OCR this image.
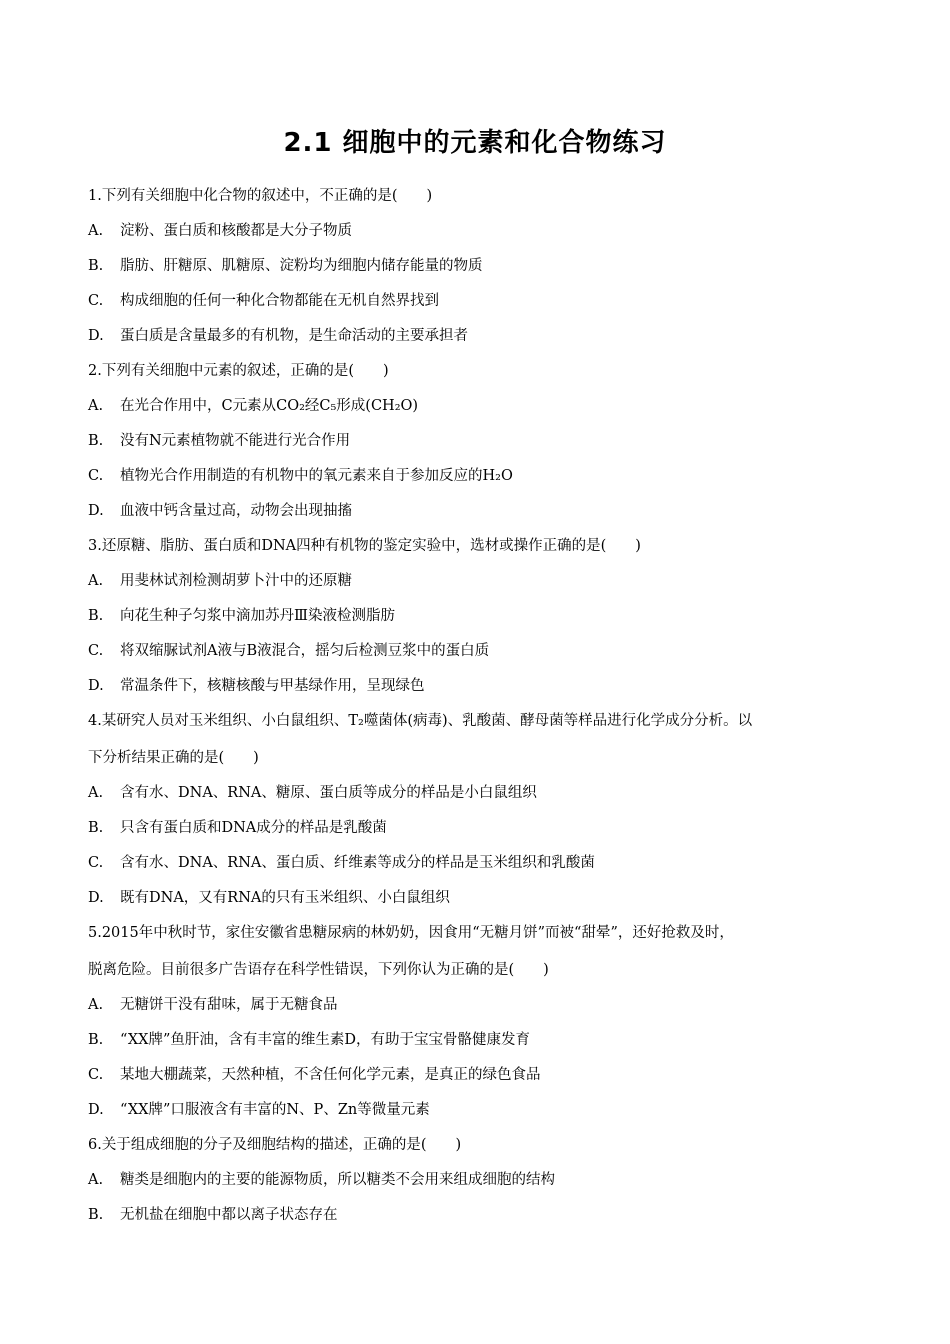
2.1 细胞中的元素和化合物练习
1.下列有关细胞中化合物的叙述中，不正确的是(　　)
A. 淀粉、蛋白质和核酸都是大分子物质
B. 脂肪、肝糖原、肌糖原、淀粉均为细胞内储存能量的物质
C. 构成细胞的任何一种化合物都能在无机自然界找到
D. 蛋白质是含量最多的有机物，是生命活动的主要承担者
2.下列有关细胞中元素的叙述，正确的是(　　)
A. 在光合作用中，C元素从CO₂经C₅形成(CH₂O)
B. 没有N元素植物就不能进行光合作用
C. 植物光合作用制造的有机物中的氧元素来自于参加反应的H₂O
D. 血液中钙含量过高，动物会出现抽搐
3.还原糖、脂肪、蛋白质和DNA四种有机物的鉴定实验中，选材或操作正确的是(　　)
A. 用斐林试剂检测胡萝卜汁中的还原糖
B. 向花生种子匀浆中滴加苏丹Ⅲ染液检测脂肪
C. 将双缩脲试剂A液与B液混合，摇匀后检测豆浆中的蛋白质
D. 常温条件下，核糖核酸与甲基绿作用，呈现绿色
4.某研究人员对玉米组织、小白鼠组织、T₂噬菌体(病毒)、乳酸菌、酵母菌等样品进行化学成分分析。以
下分析结果正确的是(　　)
A. 含有水、DNA、RNA、糖原、蛋白质等成分的样品是小白鼠组织
B. 只含有蛋白质和DNA成分的样品是乳酸菌
C. 含有水、DNA、RNA、蛋白质、纤维素等成分的样品是玉米组织和乳酸菌
D. 既有DNA，又有RNA的只有玉米组织、小白鼠组织
5.2015年中秋时节，家住安徽省患糖尿病的林奶奶，因食用“无糖月饼”而被“甜晕”，还好抢救及时，
脱离危险。目前很多广告语存在科学性错误，下列你认为正确的是(　　)
A. 无糖饼干没有甜味，属于无糖食品
B. “XX牌”鱼肝油，含有丰富的维生素D，有助于宝宝骨骼健康发育
C. 某地大棚蔬菜，天然种植，不含任何化学元素，是真正的绿色食品
D. “XX牌”口服液含有丰富的N、P、Zn等微量元素
6.关于组成细胞的分子及细胞结构的描述，正确的是(　　)
A. 糖类是细胞内的主要的能源物质，所以糖类不会用来组成细胞的结构
B. 无机盐在细胞中都以离子状态存在
